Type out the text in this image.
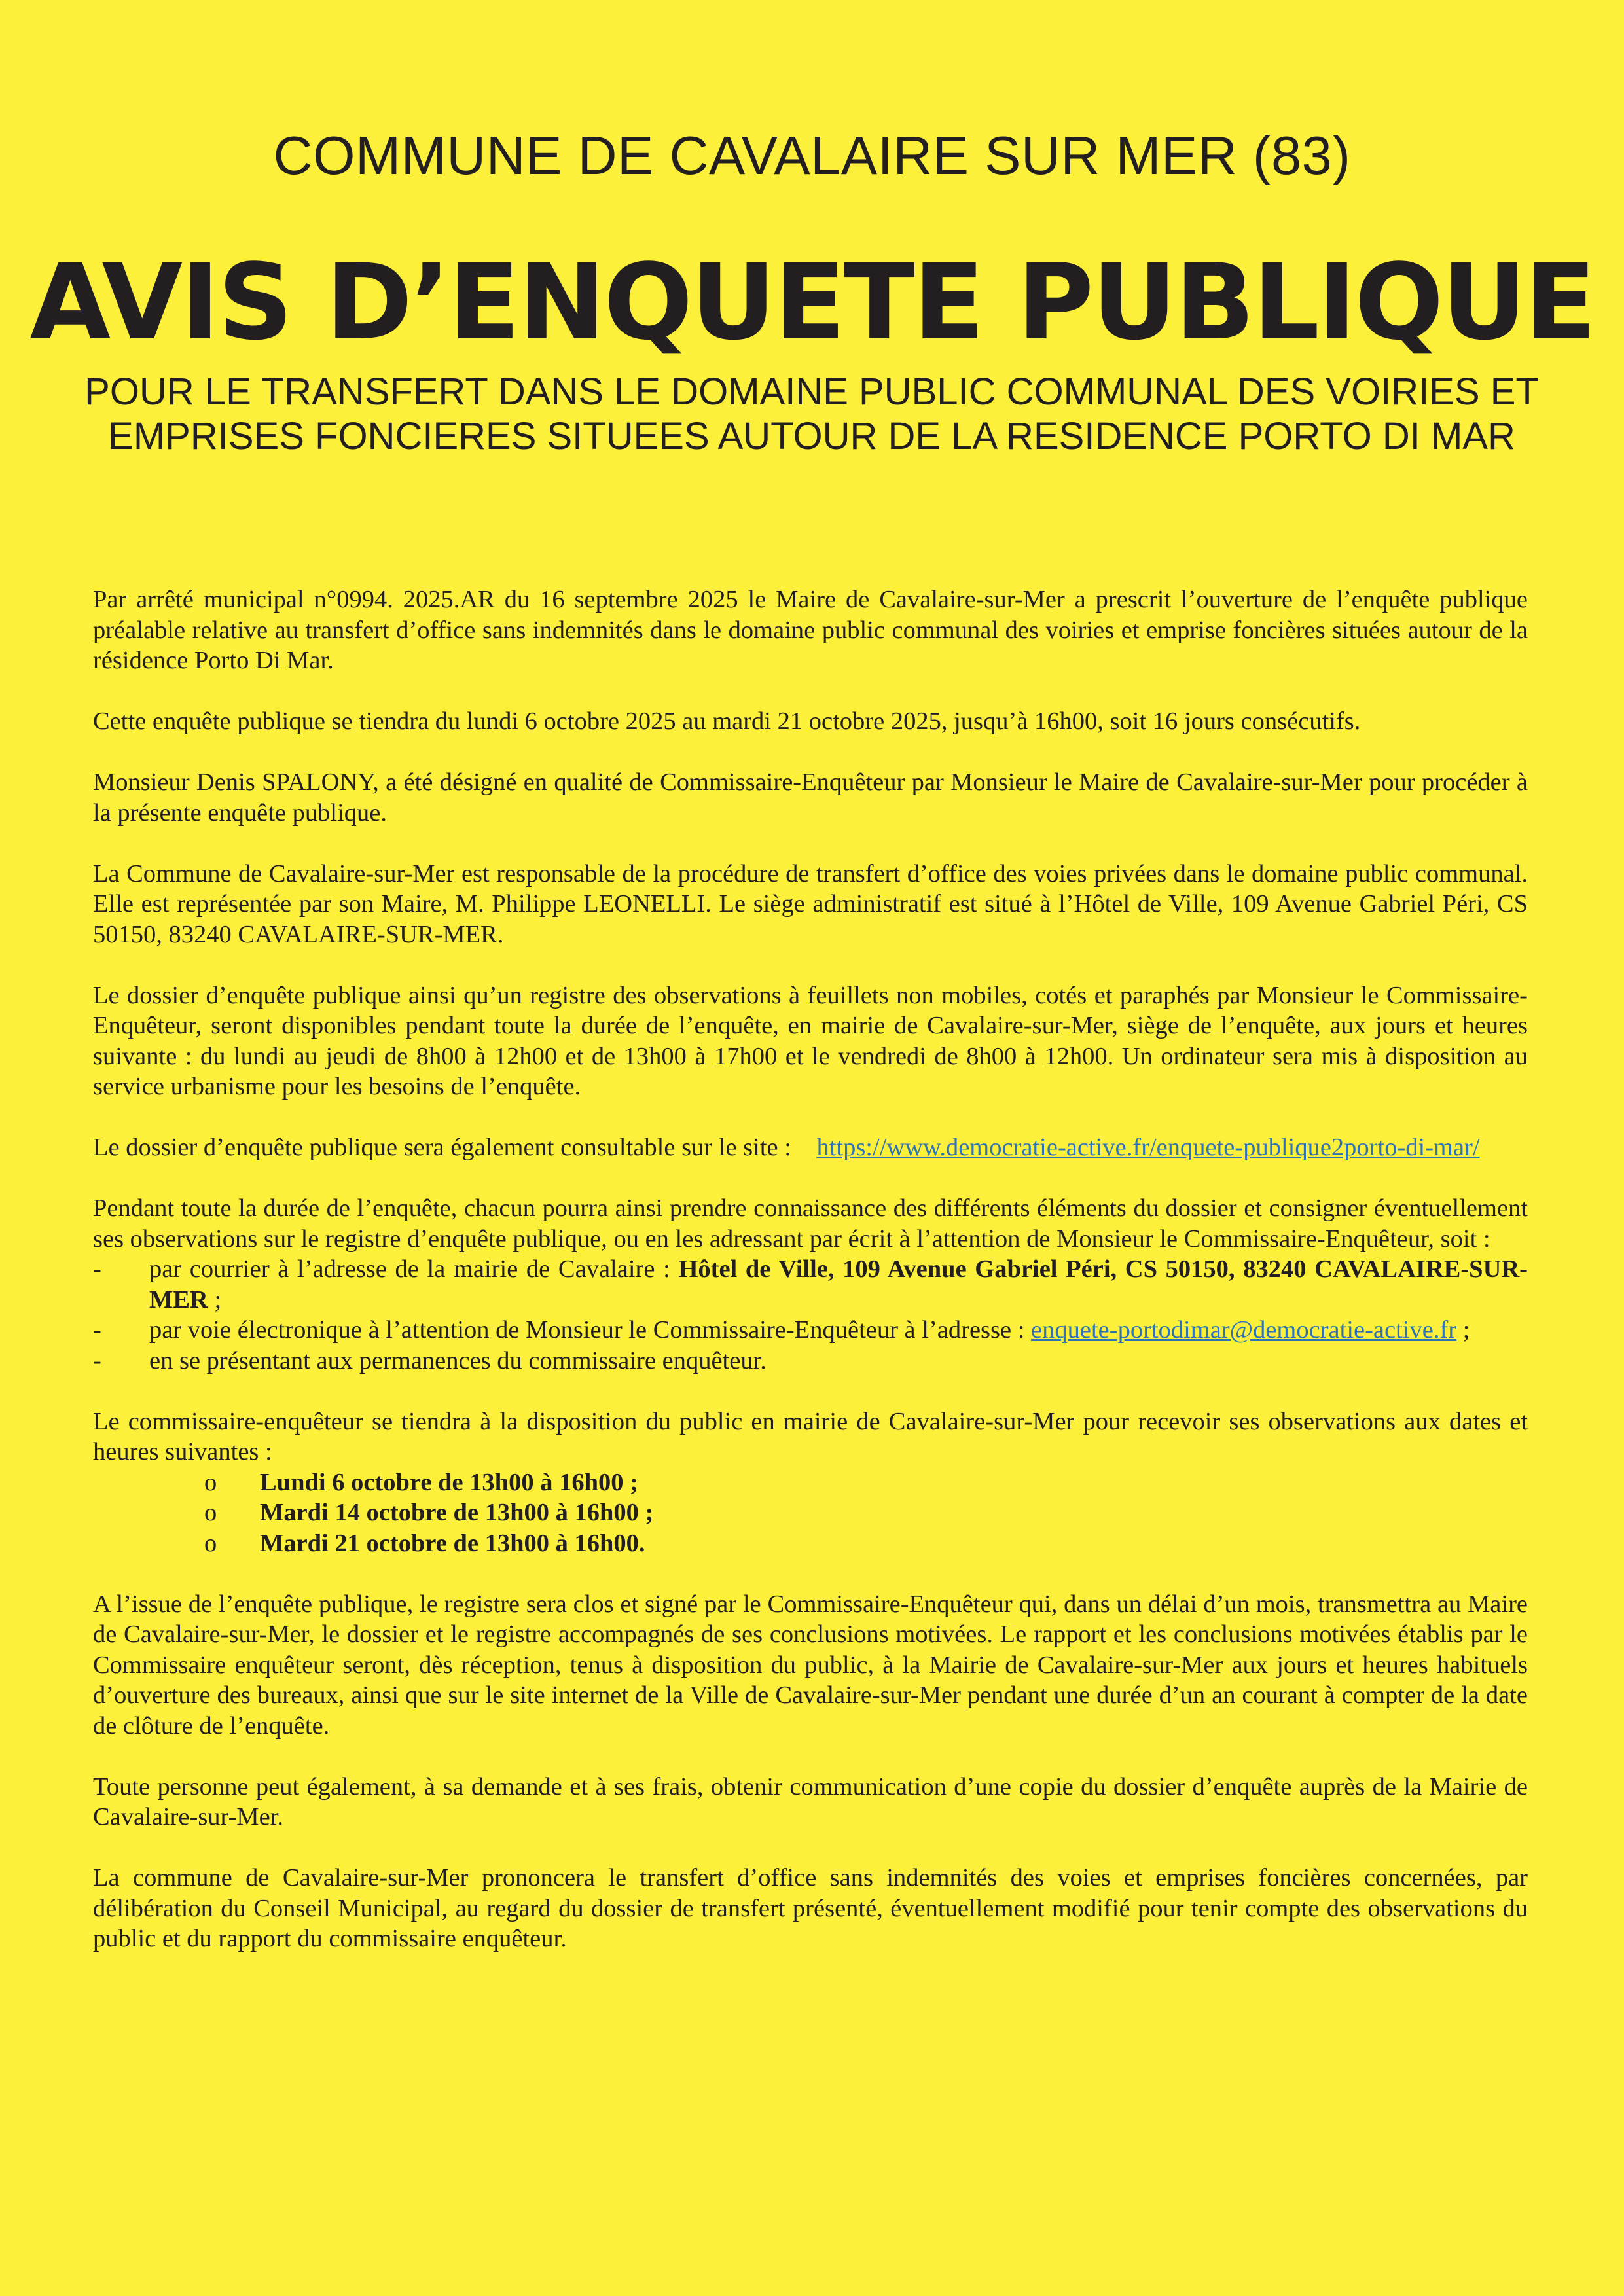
COMMUNE DE CAVALAIRE SUR MER (83)
AVIS D’ENQUETE PUBLIQUE
POUR LE TRANSFERT DANS LE DOMAINE PUBLIC COMMUNAL DES VOIRIES ET EMPRISES FONCIERES SITUEES AUTOUR DE LA RESIDENCE PORTO DI MAR

Par arrêté municipal n°0994. 2025.AR du 16 septembre 2025 le Maire de Cavalaire-sur-Mer a prescrit l’ouverture de l’enquête publique préalable relative au transfert d’office sans indemnités dans le domaine public communal des voiries et emprise foncières situées autour de la résidence Porto Di Mar.

Cette enquête publique se tiendra du lundi 6 octobre 2025 au mardi 21 octobre 2025, jusqu’à 16h00, soit 16 jours consécutifs.

Monsieur Denis SPALONY, a été désigné en qualité de Commissaire-Enquêteur par Monsieur le Maire de Cavalaire-sur-Mer pour procéder à la présente enquête publique.

La Commune de Cavalaire-sur-Mer est responsable de la procédure de transfert d’office des voies privées dans le domaine public communal. Elle est représentée par son Maire, M. Philippe LEONELLI. Le siège administratif est situé à l’Hôtel de Ville, 109 Avenue Gabriel Péri, CS 50150, 83240 CAVALAIRE-SUR-MER.

Le dossier d’enquête publique ainsi qu’un registre des observations à feuillets non mobiles, cotés et paraphés par Monsieur le Commissaire-Enquêteur, seront disponibles pendant toute la durée de l’enquête, en mairie de Cavalaire-sur-Mer, siège de l’enquête, aux jours et heures suivante : du lundi au jeudi de 8h00 à 12h00 et de 13h00 à 17h00 et le vendredi de 8h00 à 12h00. Un ordinateur sera mis à disposition au service urbanisme pour les besoins de l’enquête.

Le dossier d’enquête publique sera également consultable sur le site : https://www.democratie-active.fr/enquete-publique2porto-di-mar/

Pendant toute la durée de l’enquête, chacun pourra ainsi prendre connaissance des différents éléments du dossier et consigner éventuellement ses observations sur le registre d’enquête publique, ou en les adressant par écrit à l’attention de Monsieur le Commissaire-Enquêteur, soit :

- par courrier à l’adresse de la mairie de Cavalaire : Hôtel de Ville, 109 Avenue Gabriel Péri, CS 50150, 83240 CAVALAIRE-SUR-MER ;
- par voie électronique à l’attention de Monsieur le Commissaire-Enquêteur à l’adresse : enquete-portodimar@democratie-active.fr ;
- en se présentant aux permanences du commissaire enquêteur.

Le commissaire-enquêteur se tiendra à la disposition du public en mairie de Cavalaire-sur-Mer pour recevoir ses observations aux dates et heures suivantes :

o Lundi 6 octobre de 13h00 à 16h00 ;
o Mardi 14 octobre de 13h00 à 16h00 ;
o Mardi 21 octobre de 13h00 à 16h00.

A l’issue de l’enquête publique, le registre sera clos et signé par le Commissaire-Enquêteur qui, dans un délai d’un mois, transmettra au Maire de Cavalaire-sur-Mer, le dossier et le registre accompagnés de ses conclusions motivées. Le rapport et les conclusions motivées établis par le Commissaire enquêteur seront, dès réception, tenus à disposition du public, à la Mairie de Cavalaire-sur-Mer aux jours et heures habituels d’ouverture des bureaux, ainsi que sur le site internet de la Ville de Cavalaire-sur-Mer pendant une durée d’un an courant à compter de la date de clôture de l’enquête.

Toute personne peut également, à sa demande et à ses frais, obtenir communication d’une copie du dossier d’enquête auprès de la Mairie de Cavalaire-sur-Mer.

La commune de Cavalaire-sur-Mer prononcera le transfert d’office sans indemnités des voies et emprises foncières concernées, par délibération du Conseil Municipal, au regard du dossier de transfert présenté, éventuellement modifié pour tenir compte des observations du public et du rapport du commissaire enquêteur.
